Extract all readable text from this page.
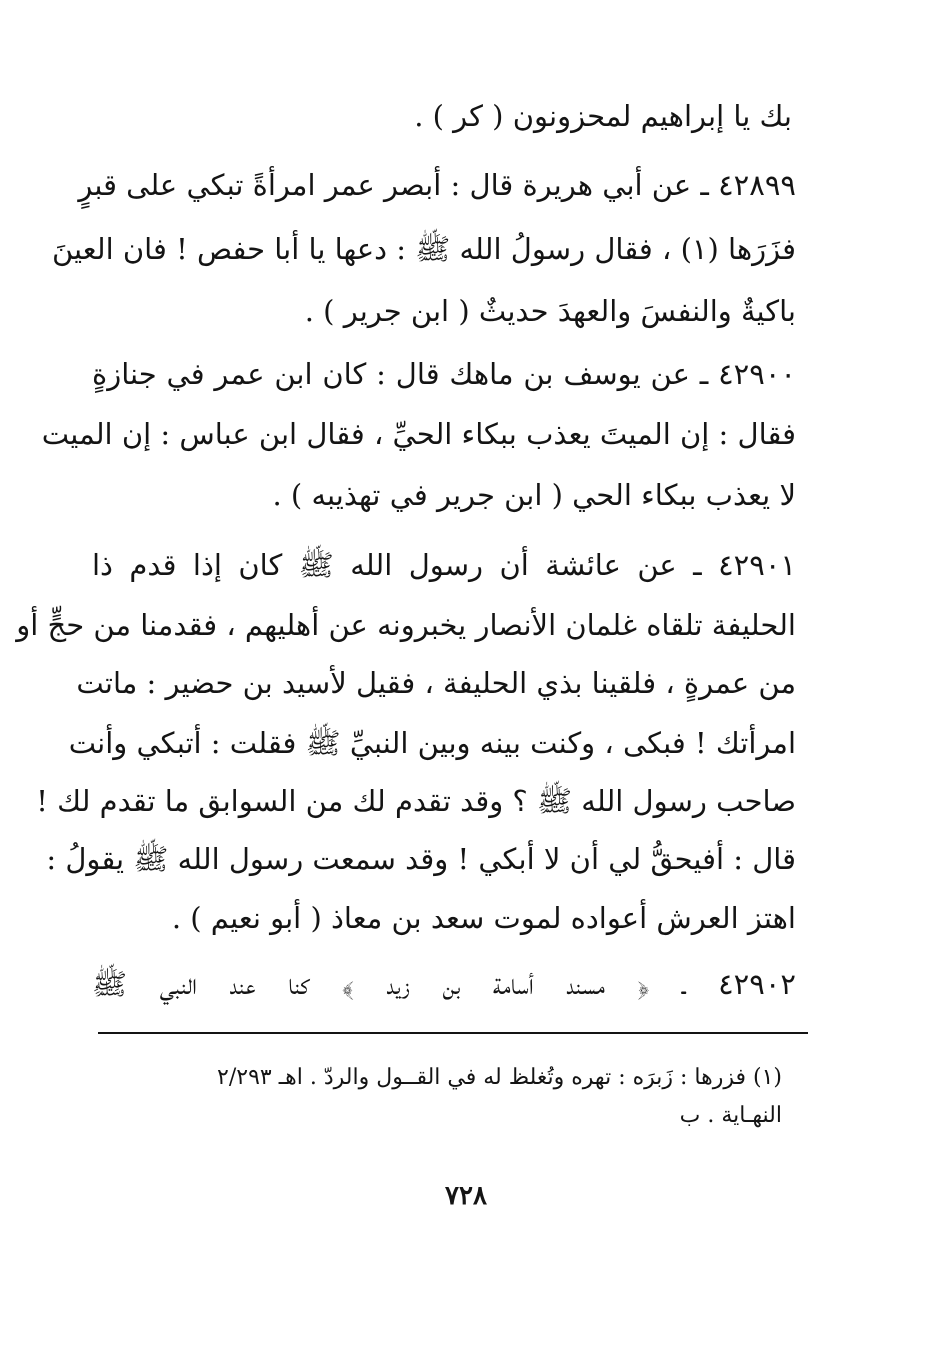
بك يا إبراهيم لمحزونون ( كر ) .
٤٢٨٩٩ ـ عن أبي هريرة قال : أبصر عمر امرأةً تبكي على قبرٍ
فزَرَها (١) ، فقال رسولُ الله ﷺ : دعها يا أبا حفص ! فان العينَ
باكيةٌ والنفسَ والعهدَ حديثٌ ( ابن جرير ) .
٤٢٩٠٠ ـ عن يوسف بن ماهك قال : كان ابن عمر في جنازةٍ
فقال : إن الميتَ يعذب ببكاء الحيِّ ، فقال ابن عباس : إن الميت
لا يعذب ببكاء الحي ( ابن جرير في تهذيبه ) .
٤٢٩٠١ ـ عن عائشة أن رسول الله ﷺ كان إذا قدم ذا
الحليفة تلقاه غلمان الأنصار يخبرونه عن أهليهم ، فقدمنا من حجٍّ أو
من عمرةٍ ، فلقينا بذي الحليفة ، فقيل لأسيد بن حضير : ماتت
امرأتك ! فبكى ، وكنت بينه وبين النبيِّ ﷺ فقلت : أتبكي وأنت
صاحب رسول الله ﷺ ؟ وقد تقدم لك من السوابق ما تقدم لك !
قال : أفيحقُّ لي أن لا أبكي ! وقد سمعت رسول الله ﷺ يقولُ :
اهتز العرش أعواده لموت سعد بن معاذ ( أبو نعيم ) .
٤٢٩٠٢ ـ ﴿ مسند أسامة بن زيد ﴾ كنا عند النبي ﷺ
(١) فزرها : زَبرَه : تهره وتُغلظ له في القــول والردّ . اهـ ٢/٢٩٣
النهـاية . ب
٧٢٨
